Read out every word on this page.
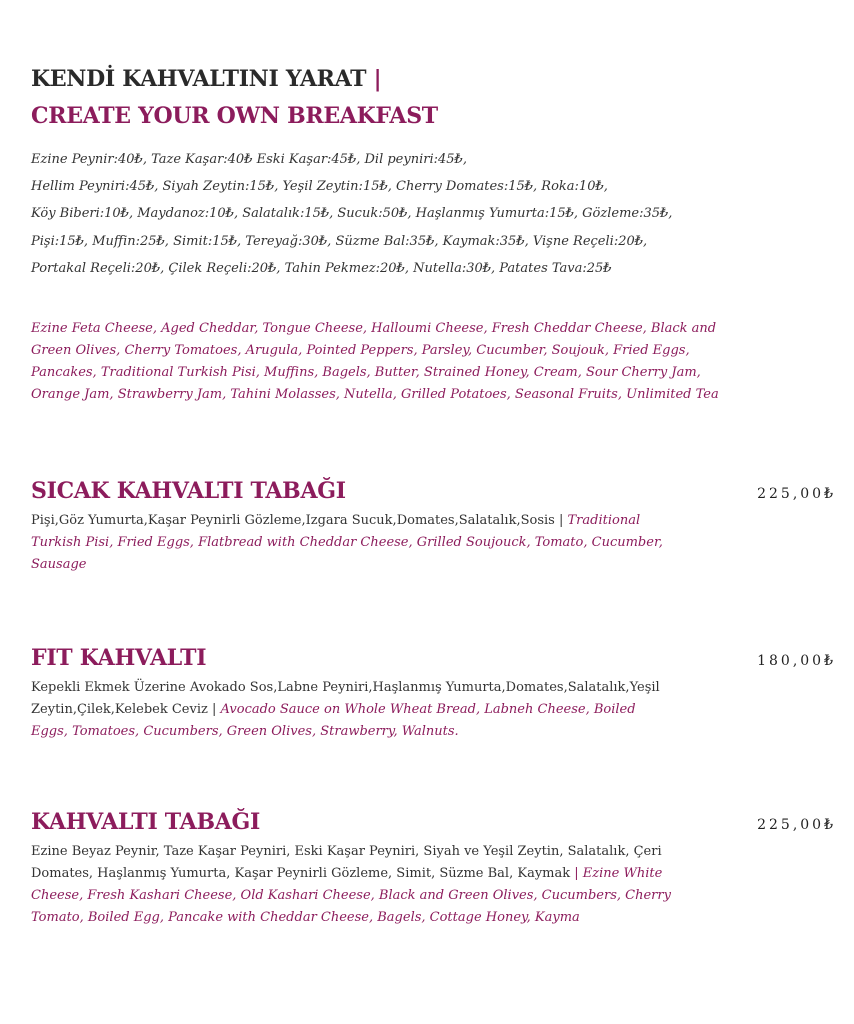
KENDİ KAHVALTINI YARAT |
CREATE YOUR OWN BREAKFAST
Ezine Peynir:40₺, Taze Kaşar:40₺ Eski Kaşar:45₺, Dil peyniri:45₺,
Hellim Peyniri:45₺, Siyah Zeytin:15₺, Yeşil Zeytin:15₺, Cherry Domates:15₺, Roka:10₺,
Köy Biberi:10₺, Maydanoz:10₺, Salatalık:15₺, Sucuk:50₺, Haşlanmış Yumurta:15₺, Gözleme:35₺,
Pişi:15₺, Muffin:25₺, Simit:15₺, Tereyağ:30₺, Süzme Bal:35₺, Kaymak:35₺, Vişne Reçeli:20₺,
Portakal Reçeli:20₺, Çilek Reçeli:20₺, Tahin Pekmez:20₺, Nutella:30₺, Patates Tava:25₺
Ezine Feta Cheese, Aged Cheddar, Tongue Cheese, Halloumi Cheese, Fresh Cheddar Cheese, Black and Green Olives, Cherry Tomatoes, Arugula, Pointed Peppers, Parsley, Cucumber, Soujouk, Fried Eggs, Pancakes, Traditional Turkish Pisi, Muffins, Bagels, Butter, Strained Honey, Cream, Sour Cherry Jam, Orange Jam, Strawberry Jam, Tahini Molasses, Nutella, Grilled Potatoes, Seasonal Fruits, Unlimited Tea
SICAK KAHVALTI TABAĞI	225,00₺
Pişi,Göz Yumurta,Kaşar Peynirli Gözleme,Izgara Sucuk,Domates,Salatalık,Sosis | Traditional Turkish Pisi, Fried Eggs, Flatbread with Cheddar Cheese, Grilled Soujouck, Tomato, Cucumber, Sausage
FIT KAHVALTI	180,00₺
Kepekli Ekmek Üzerine Avokado Sos,Labne Peyniri,Haşlanmış Yumurta,Domates,Salatalık,Yeşil Zeytin,Çilek,Kelebek Ceviz | Avocado Sauce on Whole Wheat Bread, Labneh Cheese, Boiled Eggs, Tomatoes, Cucumbers, Green Olives, Strawberry, Walnuts.
KAHVALTI TABAĞI	225,00₺
Ezine Beyaz Peynir, Taze Kaşar Peyniri, Eski Kaşar Peyniri, Siyah ve Yeşil Zeytin, Salatalık, Çeri Domates, Haşlanmış Yumurta, Kaşar Peynirli Gözleme, Simit, Süzme Bal, Kaymak | Ezine White Cheese, Fresh Kashari Cheese, Old Kashari Cheese, Black and Green Olives, Cucumbers, Cherry Tomato, Boiled Egg, Pancake with Cheddar Cheese, Bagels, Cottage Honey, Kayma
